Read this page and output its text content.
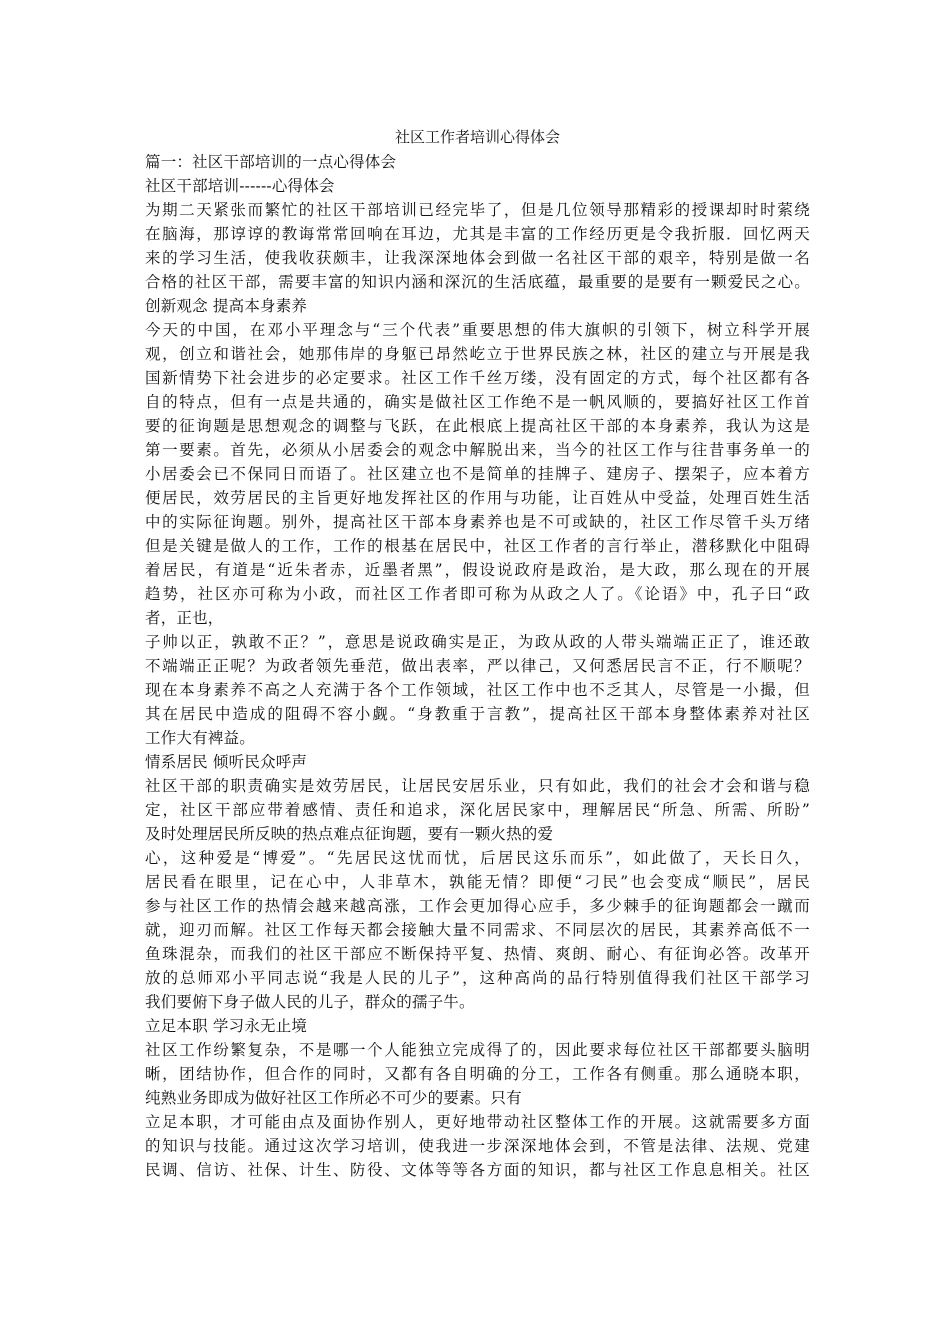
社区工作者培训心得体会
篇一：社区干部培训的一点心得体会
社区干部培训------心得体会
为期二天紧张而繁忙的社区干部培训已经完毕了，但是几位领导那精彩的授课却时时萦绕
在脑海，那谆谆的教诲常常回响在耳边，尤其是丰富的工作经历更是令我折服．回忆两天
来的学习生活，使我收获颇丰，让我深深地体会到做一名社区干部的艰辛，特别是做一名
合格的社区干部，需要丰富的知识内涵和深沉的生活底蕴，最重要的是要有一颗爱民之心。
创新观念 提高本身素养
今天的中国，在邓小平理念与“三个代表”重要思想的伟大旗帜的引领下，树立科学开展
观，创立和谐社会，她那伟岸的身躯已昂然屹立于世界民族之林，社区的建立与开展是我
国新情势下社会进步的必定要求。社区工作千丝万缕，没有固定的方式，每个社区都有各
自的特点，但有一点是共通的，确实是做社区工作绝不是一帆风顺的，要搞好社区工作首
要的征询题是思想观念的调整与飞跃，在此根底上提高社区干部的本身素养，我认为这是
第一要素。首先，必须从小居委会的观念中解脱出来，当今的社区工作与往昔事务单一的
小居委会已不保同日而语了。社区建立也不是简单的挂牌子、建房子、摆架子，应本着方
便居民，效劳居民的主旨更好地发挥社区的作用与功能，让百姓从中受益，处理百姓生活
中的实际征询题。别外，提高社区干部本身素养也是不可或缺的，社区工作尽管千头万绪
但是关键是做人的工作，工作的根基在居民中，社区工作者的言行举止，潜移默化中阻碍
着居民，有道是“近朱者赤，近墨者黑”，假设说政府是政治，是大政，那么现在的开展
趋势，社区亦可称为小政，而社区工作者即可称为从政之人了。《论语》中，孔子曰“政
者，正也，
子帅以正，孰敢不正？”，意思是说政确实是正，为政从政的人带头端端正正了，谁还敢
不端端正正呢？为政者领先垂范，做出表率，严以律己，又何悉居民言不正，行不顺呢？
现在本身素养不高之人充满于各个工作领域，社区工作中也不乏其人，尽管是一小撮，但
其在居民中造成的阻碍不容小觑。“身教重于言教”，提高社区干部本身整体素养对社区
工作大有裨益。
情系居民 倾听民众呼声
社区干部的职责确实是效劳居民，让居民安居乐业，只有如此，我们的社会才会和谐与稳
定，社区干部应带着感情、责任和追求，深化居民家中，理解居民“所急、所需、所盼”
及时处理居民所反映的热点难点征询题，要有一颗火热的爱
心，这种爱是“博爱”。“先居民这忧而忧，后居民这乐而乐”，如此做了，天长日久，
居民看在眼里，记在心中，人非草木，孰能无情？即便“刁民”也会变成“顺民”，居民
参与社区工作的热情会越来越高涨，工作会更加得心应手，多少棘手的征询题都会一蹴而
就，迎刃而解。社区工作每天都会接触大量不同需求、不同层次的居民，其素养高低不一
鱼珠混杂，而我们的社区干部应不断保持平复、热情、爽朗、耐心、有征询必答。改革开
放的总师邓小平同志说“我是人民的儿子”，这种高尚的品行特别值得我们社区干部学习
我们要俯下身子做人民的儿子，群众的孺子牛。
立足本职 学习永无止境
社区工作纷繁复杂，不是哪一个人能独立完成得了的，因此要求每位社区干部都要头脑明
晰，团结协作，但合作的同时，又都有各自明确的分工，工作各有侧重。那么通晓本职，
纯熟业务即成为做好社区工作所必不可少的要素。只有
立足本职，才可能由点及面协作别人，更好地带动社区整体工作的开展。这就需要多方面
的知识与技能。通过这次学习培训，使我进一步深深地体会到，不管是法律、法规、党建
民调、信访、社保、计生、防役、文体等等各方面的知识，都与社区工作息息相关。社区
